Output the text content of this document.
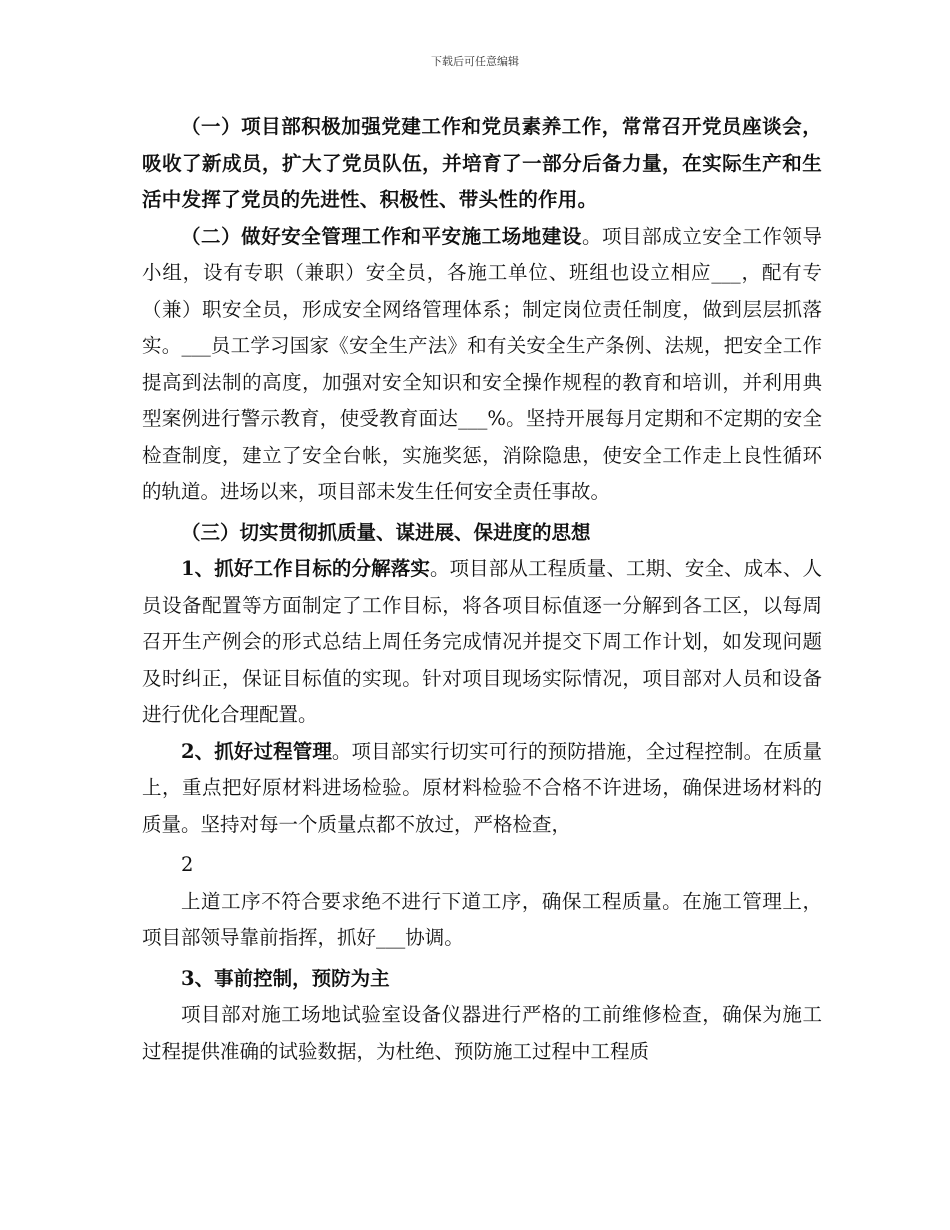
下载后可任意编辑

（一）项目部积极加强党建工作和党员素养工作，常常召开党员座谈会，吸收了新成员，扩大了党员队伍，并培育了一部分后备力量，在实际生产和生活中发挥了党员的先进性、积极性、带头性的作用。

（二）做好安全管理工作和平安施工场地建设。项目部成立安全工作领导小组，设有专职（兼职）安全员，各施工单位、班组也设立相应___，配有专（兼）职安全员，形成安全网络管理体系；制定岗位责任制度，做到层层抓落实。___员工学习国家《安全生产法》和有关安全生产条例、法规，把安全工作提高到法制的高度，加强对安全知识和安全操作规程的教育和培训，并利用典型案例进行警示教育，使受教育面达___%。坚持开展每月定期和不定期的安全检查制度，建立了安全台帐，实施奖惩，消除隐患，使安全工作走上良性循环的轨道。进场以来，项目部未发生任何安全责任事故。

（三）切实贯彻抓质量、谋进展、保进度的思想

1、抓好工作目标的分解落实。项目部从工程质量、工期、安全、成本、人员设备配置等方面制定了工作目标，将各项目标值逐一分解到各工区，以每周召开生产例会的形式总结上周任务完成情况并提交下周工作计划，如发现问题及时纠正，保证目标值的实现。针对项目现场实际情况，项目部对人员和设备进行优化合理配置。

2、抓好过程管理。项目部实行切实可行的预防措施，全过程控制。在质量上，重点把好原材料进场检验。原材料检验不合格不许进场，确保进场材料的质量。坚持对每一个质量点都不放过，严格检查，

2

上道工序不符合要求绝不进行下道工序，确保工程质量。在施工管理上，项目部领导靠前指挥，抓好___协调。

3、事前控制，预防为主

项目部对施工场地试验室设备仪器进行严格的工前维修检查，确保为施工过程提供准确的试验数据，为杜绝、预防施工过程中工程质
